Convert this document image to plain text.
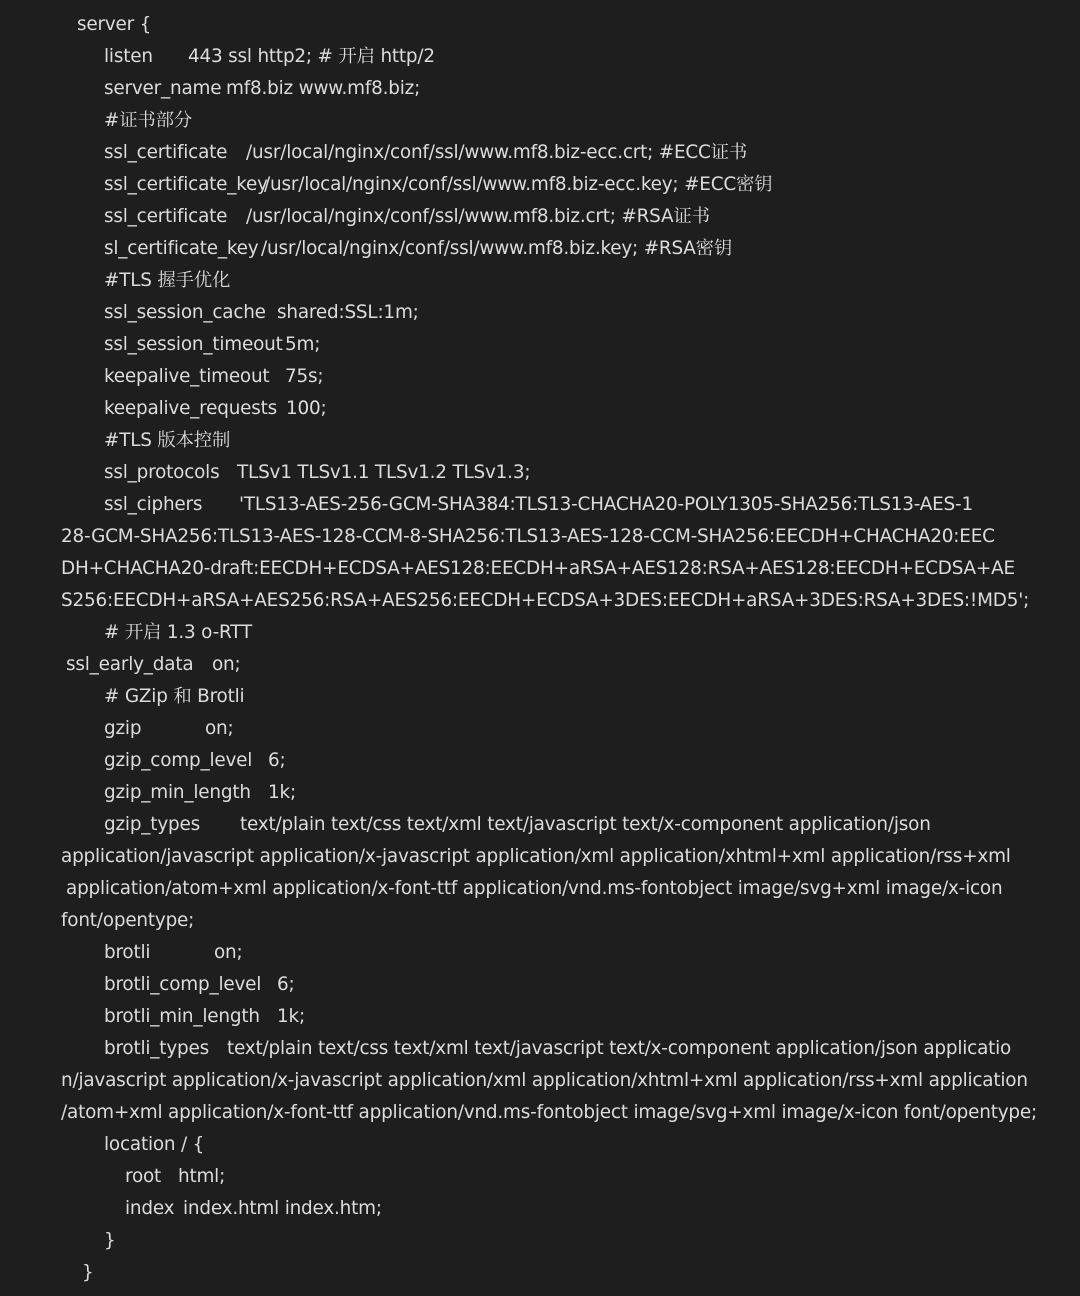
server {
listen 443 ssl http2; # 开启 http/2
server_name mf8.biz www.mf8.biz;
#证书部分
ssl_certificate /usr/local/nginx/conf/ssl/www.mf8.biz-ecc.crt; #ECC证书
ssl_certificate_key/usr/local/nginx/conf/ssl/www.mf8.biz-ecc.key; #ECC密钥
ssl_certificate /usr/local/nginx/conf/ssl/www.mf8.biz.crt; #RSA证书
sl_certificate_key /usr/local/nginx/conf/ssl/www.mf8.biz.key; #RSA密钥
#TLS 握手优化
ssl_session_cache shared:SSL:1m;
ssl_session_timeout 5m;
keepalive_timeout 75s;
keepalive_requests 100;
#TLS 版本控制
ssl_protocols TLSv1 TLSv1.1 TLSv1.2 TLSv1.3;
ssl_ciphers 'TLS13-AES-256-GCM-SHA384:TLS13-CHACHA20-POLY1305-SHA256:TLS13-AES-1
28-GCM-SHA256:TLS13-AES-128-CCM-8-SHA256:TLS13-AES-128-CCM-SHA256:EECDH+CHACHA20:EEC
DH+CHACHA20-draft:EECDH+ECDSA+AES128:EECDH+aRSA+AES128:RSA+AES128:EECDH+ECDSA+AE
S256:EECDH+aRSA+AES256:RSA+AES256:EECDH+ECDSA+3DES:EECDH+aRSA+3DES:RSA+3DES:!MD5';
# 开启 1.3 o-RTT
ssl_early_data on;
# GZip 和 Brotli
gzip	on;
gzip_comp_level 6;
gzip_min_length 1k;
gzip_types text/plain text/css text/xml text/javascript text/x-component application/json
application/javascript application/x-javascript application/xml application/xhtml+xml application/rss+xml
application/atom+xml application/x-font-ttf application/vnd.ms-fontobject image/svg+xml image/x-icon
font/opentype;
brotli	on;
brotli_comp_level 6;
brotli_min_length 1k;
brotli_types text/plain text/css text/xml text/javascript text/x-component application/json applicatio
n/javascript application/x-javascript application/xml application/xhtml+xml application/rss+xml application
/atom+xml application/x-font-ttf application/vnd.ms-fontobject image/svg+xml image/x-icon font/opentype;
location / {
root html;
index index.html index.htm;
}
}
